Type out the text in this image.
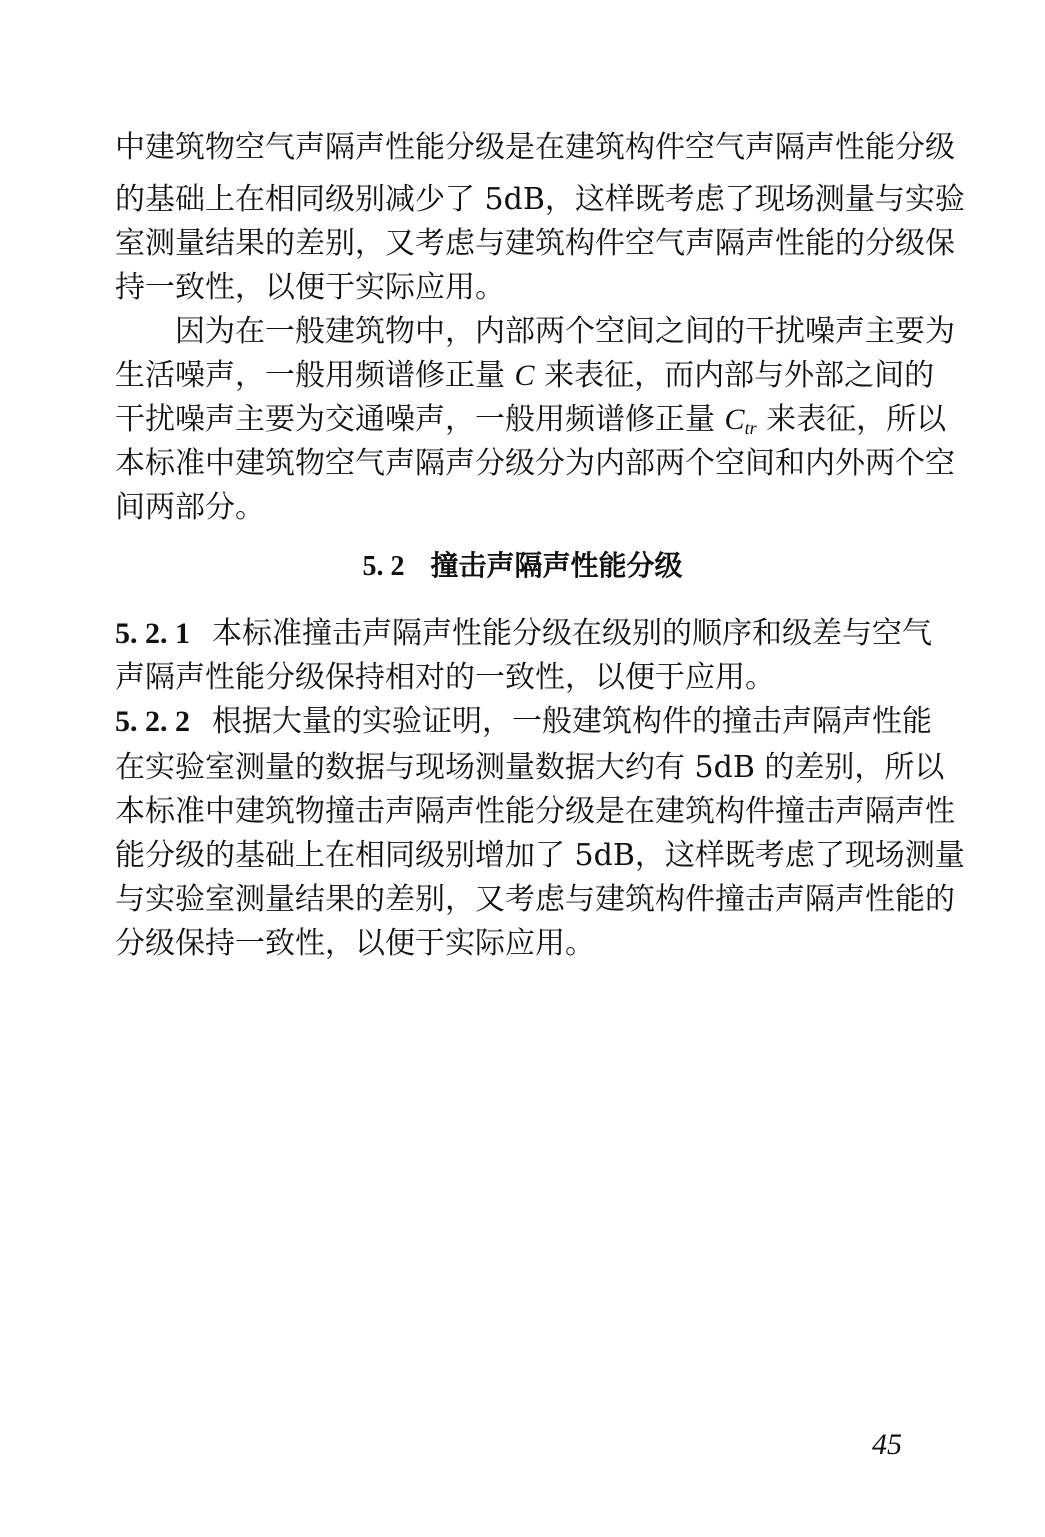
中建筑物空气声隔声性能分级是在建筑构件空气声隔声性能分级
的基础上在相同级别减少了 5dB，这样既考虑了现场测量与实验
室测量结果的差别，又考虑与建筑构件空气声隔声性能的分级保
持一致性，以便于实际应用。
因为在一般建筑物中，内部两个空间之间的干扰噪声主要为
生活噪声，一般用频谱修正量 C 来表征，而内部与外部之间的
干扰噪声主要为交通噪声，一般用频谱修正量 $C_{tr}$ 来表征，所以
本标准中建筑物空气声隔声分级分为内部两个空间和内外两个空
间两部分。
5. 2 撞击声隔声性能分级
5. 2. 1 本标准撞击声隔声性能分级在级别的顺序和级差与空气
声隔声性能分级保持相对的一致性，以便于应用。
5. 2. 2 根据大量的实验证明，一般建筑构件的撞击声隔声性能
在实验室测量的数据与现场测量数据大约有 5dB 的差别，所以
本标准中建筑物撞击声隔声性能分级是在建筑构件撞击声隔声性
能分级的基础上在相同级别增加了 5dB，这样既考虑了现场测量
与实验室测量结果的差别，又考虑与建筑构件撞击声隔声性能的
分级保持一致性，以便于实际应用。
45
